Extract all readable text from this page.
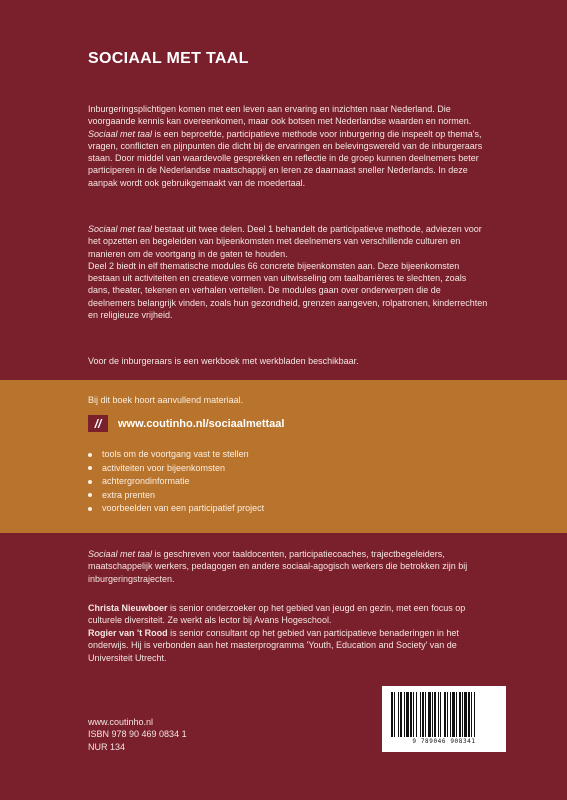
SOCIAAL MET TAAL

Inburgeringsplichtigen komen met een leven aan ervaring en inzichten naar Nederland. Die voorgaande kennis kan overeenkomen, maar ook botsen met Nederlandse waarden en normen. Sociaal met taal is een beproefde, participatieve methode voor inburgering die inspeelt op thema's, vragen, conflicten en pijnpunten die dicht bij de ervaringen en belevingswereld van de inburgeraars staan. Door middel van waardevolle gesprekken en reflectie in de groep kunnen deelnemers beter participeren in de Nederlandse maatschappij en leren ze daarnaast sneller Nederlands. In deze aanpak wordt ook gebruikgemaakt van de moedertaal.

Sociaal met taal bestaat uit twee delen. Deel 1 behandelt de participatieve methode, adviezen voor het opzetten en begeleiden van bijeenkomsten met deelnemers van verschillende culturen en manieren om de voortgang in de gaten te houden.
Deel 2 biedt in elf thematische modules 66 concrete bijeenkomsten aan. Deze bijeenkomsten bestaan uit activiteiten en creatieve vormen van uitwisseling om taalbarrières te slechten, zoals dans, theater, tekenen en verhalen vertellen. De modules gaan over onderwerpen die de deelnemers belangrijk vinden, zoals hun gezondheid, grenzen aangeven, rolpatronen, kinderrechten en religieuze vrijheid.

Voor de inburgeraars is een werkboek met werkbladen beschikbaar.

Bij dit boek hoort aanvullend materiaal.

//	www.coutinho.nl/sociaalmettaal
tools om de voortgang vast te stellen
activiteiten voor bijeenkomsten
achtergrondinformatie
extra prenten
voorbeelden van een participatief project

Sociaal met taal is geschreven voor taaldocenten, participatiecoaches, trajectbegeleiders, maatschappelijk werkers, pedagogen en andere sociaal-agogisch werkers die betrokken zijn bij inburgeringstrajecten.

Christa Nieuwboer is senior onderzoeker op het gebied van jeugd en gezin, met een focus op culturele diversiteit. Ze werkt als lector bij Avans Hogeschool.

Rogier van 't Rood is senior consultant op het gebied van participatieve benaderingen in het onderwijs. Hij is verbonden aan het masterprogramma 'Youth, Education and Society' van de Universiteit Utrecht.

www.coutinho.nl
ISBN 978 90 469 0834 1
NUR 134
9 789046 908341
